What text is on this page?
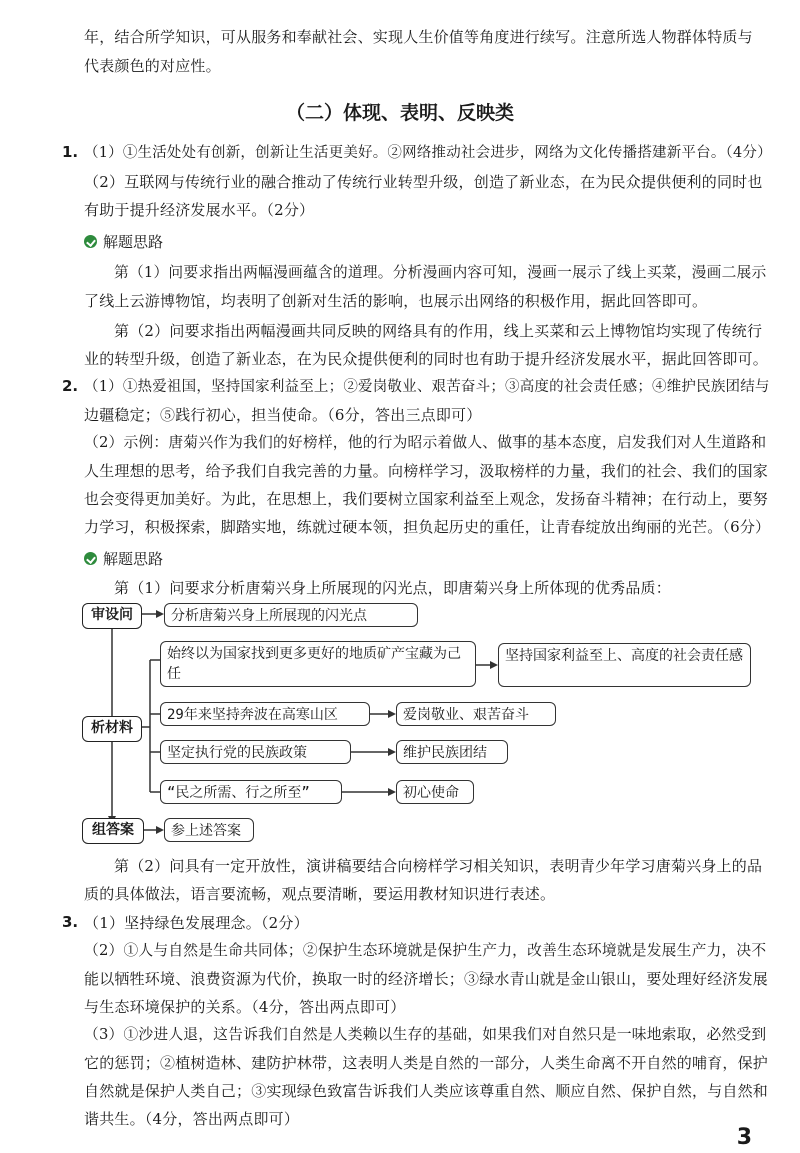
年，结合所学知识，可从服务和奉献社会、实现人生价值等角度进行续写。注意所选人物群体特质与
代表颜色的对应性。
（二）体现、表明、反映类
1. （1）①生活处处有创新，创新让生活更美好。②网络推动社会进步，网络为文化传播搭建新平台。（4分）
（2）互联网与传统行业的融合推动了传统行业转型升级，创造了新业态，在为民众提供便利的同时也
有助于提升经济发展水平。（2分）
解题思路
第（1）问要求指出两幅漫画蕴含的道理。分析漫画内容可知，漫画一展示了线上买菜，漫画二展示
了线上云游博物馆，均表明了创新对生活的影响，也展示出网络的积极作用，据此回答即可。
第（2）问要求指出两幅漫画共同反映的网络具有的作用，线上买菜和云上博物馆均实现了传统行
业的转型升级，创造了新业态，在为民众提供便利的同时也有助于提升经济发展水平，据此回答即可。
2. （1）①热爱祖国，坚持国家利益至上；②爱岗敬业、艰苦奋斗；③高度的社会责任感；④维护民族团结与
边疆稳定；⑤践行初心，担当使命。（6分，答出三点即可）
（2）示例：唐菊兴作为我们的好榜样，他的行为昭示着做人、做事的基本态度，启发我们对人生道路和
人生理想的思考，给予我们自我完善的力量。向榜样学习，汲取榜样的力量，我们的社会、我们的国家
也会变得更加美好。为此，在思想上，我们要树立国家利益至上观念，发扬奋斗精神；在行动上，要努
力学习，积极探索，脚踏实地，练就过硬本领，担负起历史的重任，让青春绽放出绚丽的光芒。（6分）
解题思路
第（1）问要求分析唐菊兴身上所展现的闪光点，即唐菊兴身上所体现的优秀品质：
审设问	分析唐菊兴身上所展现的闪光点
始终以为国家找到更多更好的地质矿产宝藏为己任
坚持国家利益至上、高度的社会责任感
析材料
29年来坚持奔波在高寒山区	爱岗敬业、艰苦奋斗
坚定执行党的民族政策	维护民族团结
“民之所需、行之所至”	初心使命
组答案	参上述答案
第（2）问具有一定开放性，演讲稿要结合向榜样学习相关知识，表明青少年学习唐菊兴身上的品
质的具体做法，语言要流畅，观点要清晰，要运用教材知识进行表述。
3. （1）坚持绿色发展理念。（2分）
（2）①人与自然是生命共同体；②保护生态环境就是保护生产力，改善生态环境就是发展生产力，决不
能以牺牲环境、浪费资源为代价，换取一时的经济增长；③绿水青山就是金山银山，要处理好经济发展
与生态环境保护的关系。（4分，答出两点即可）
（3）①沙进人退，这告诉我们自然是人类赖以生存的基础，如果我们对自然只是一味地索取，必然受到
它的惩罚；②植树造林、建防护林带，这表明人类是自然的一部分，人类生命离不开自然的哺育，保护
自然就是保护人类自己；③实现绿色致富告诉我们人类应该尊重自然、顺应自然、保护自然，与自然和
谐共生。（4分，答出两点即可）
3
